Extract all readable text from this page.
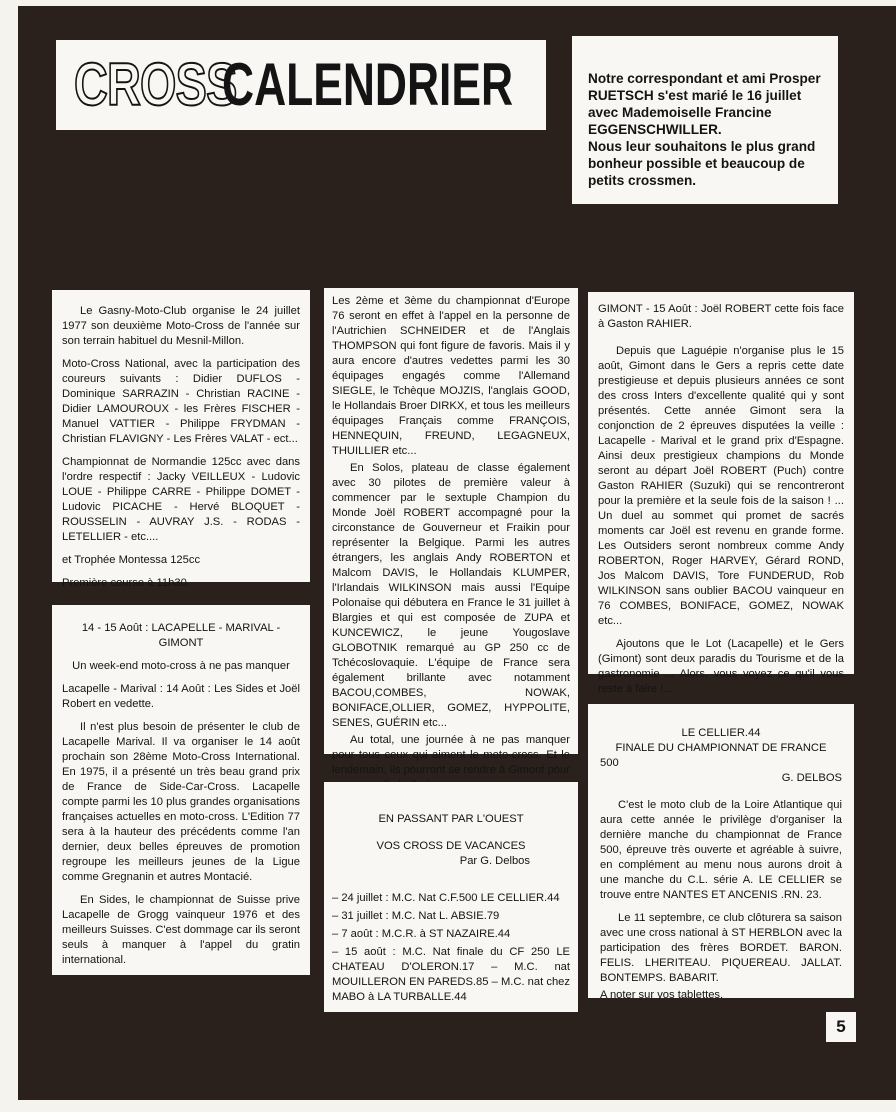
CROSS
CALENDRIER	Notre correspondant et ami Prosper RUETSCH s'est marié le 16 juillet avec Mademoiselle Francine EGGENSCHWILLER.

Nous leur souhaitons le plus grand bonheur possible et beaucoup de petits crossmen.

Le Gasny-Moto-Club organise le 24 juillet 1977 son deuxième Moto-Cross de l'année sur son terrain habituel du Mesnil-Millon.

Moto-Cross National, avec la participation des coureurs suivants : Didier DUFLOS - Dominique SARRAZIN - Christian RACINE - Didier LAMOUROUX - les Frères FISCHER - Manuel VATTIER - Philippe FRYDMAN - Christian FLAVIGNY - Les Frères VALAT - ect...

Championnat de Normandie 125cc avec dans l'ordre respectif : Jacky VEILLEUX - Ludovic LOUE - Philippe CARRE - Philippe DOMET - Ludovic PICACHE - Hervé BLOQUET - ROUSSELIN - AUVRAY J.S. - RODAS - LETELLIER - etc....

et Trophée Montessa 125cc

Première course à 11h30.

14 - 15 Août : LACAPELLE - MARIVAL - GIMONT

Un week-end moto-cross à ne pas manquer

Lacapelle - Marival : 14 Août : Les Sides et Joël Robert en vedette.

Il n'est plus besoin de présenter le club de Lacapelle Marival. Il va organiser le 14 août prochain son 28ème Moto-Cross International. En 1975, il a présenté un très beau grand prix de France de Side-Car-Cross. Lacapelle compte parmi les 10 plus grandes organisations françaises actuelles en moto-cross. L'Edition 77 sera à la hauteur des précédents comme l'an dernier, deux belles épreuves de promotion regroupe les meilleurs jeunes de la Ligue comme Gregnanin et autres Montacié.

En Sides, le championnat de Suisse prive Lacapelle de Grogg vainqueur 1976 et des meilleurs Suisses. C'est dommage car ils seront seuls à manquer à l'appel du gratin international.

Les 2ème et 3ème du championnat d'Europe 76 seront en effet à l'appel en la personne de l'Autrichien SCHNEIDER et de l'Anglais THOMPSON qui font figure de favoris. Mais il y aura encore d'autres vedettes parmi les 30 équipages engagés comme l'Allemand SIEGLE, le Tchèque MOJZIS, l'anglais GOOD, le Hollandais Broer DIRKX, et tous les meilleurs équipages Français comme FRANÇOIS, HENNEQUIN, FREUND, LEGAGNEUX, THUILLIER etc...

En Solos, plateau de classe également avec 30 pilotes de première valeur à commencer par le sextuple Champion du Monde Joël ROBERT accompagné pour la circonstance de Gouverneur et Fraikin pour représenter la Belgique. Parmi les autres étrangers, les anglais Andy ROBERTON et Malcom DAVIS, le Hollandais KLUMPER, l'Irlandais WILKINSON mais aussi l'Equipe Polonaise qui débutera en France le 31 juillet à Blargies et qui est composée de ZUPA et KUNCEWICZ, le jeune Yougoslave GLOBOTNIK remarqué au GP 250 cc de Tchécoslovaquie. L'équipe de France sera également brillante avec notamment BACOU,COMBES, NOWAK, BONIFACE,OLLIER, GOMEZ, HYPPOLITE, SENES, GUÉRIN etc...

Au total, une journée à ne pas manquer pour tous ceux qui aiment le moto-cross. Et le lendemain, ils pourront se rendre à Gimont pour

EN PASSANT PAR L'OUEST

VOS CROSS DE VACANCES

Par G. Delbos

– 24 juillet : M.C. Nat C.F.500 LE CELLIER.44

– 31 juillet : M.C. Nat L. ABSIE.79

– 7 août : M.C.R. à ST NAZAIRE.44

– 15 août : M.C. Nat finale du CF 250 LE CHATEAU D'OLERON.17 – M.C. nat MOUILLERON EN PAREDS.85 – M.C. nat chez MABO à LA TURBALLE.44

GIMONT - 15 Août : Joël ROBERT cette fois face à Gaston RAHIER.

Depuis que Laguépie n'organise plus le 15 août, Gimont dans le Gers a repris cette date prestigieuse et depuis plusieurs années ce sont des cross Inters d'excellente qualité qui y sont présentés. Cette année Gimont sera la conjonction de 2 épreuves disputées la veille : Lacapelle - Marival et le grand prix d'Espagne. Ainsi deux prestigieux champions du Monde seront au départ Joël ROBERT (Puch) contre Gaston RAHIER (Suzuki) qui se rencontreront pour la première et la seule fois de la saison ! ... Un duel au sommet qui promet de sacrés moments car Joël est revenu en grande forme. Les Outsiders seront nombreux comme Andy ROBERTON, Roger HARVEY, Gérard ROND, Jos Malcom DAVIS, Tore FUNDERUD, Rob WILKINSON sans oublier BACOU vainqueur en 76 COMBES, BONIFACE, GOMEZ, NOWAK etc...

Ajoutons que le Lot (Lacapelle) et le Gers (Gimont) sont deux paradis du Tourisme et de la gastronomie ... Alors, vous voyez ce qu'il vous reste à faire !...

LE CELLIER.44

FINALE DU CHAMPIONNAT DE FRANCE

500

G. DELBOS

C'est le moto club de la Loire Atlantique qui aura cette année le privilège d'organiser la dernière manche du championnat de France 500, épreuve très ouverte et agréable à suivre, en complément au menu nous aurons droit à une manche du C.L. série A. LE CELLIER se trouve entre NANTES ET ANCENIS .RN. 23.

Le 11 septembre, ce club clôturera sa saison avec une cross national à ST HERBLON avec la participation des frères BORDET. BARON. FELIS. LHERITEAU. PIQUEREAU. JALLAT. BONTEMPS. BABARIT.

A noter sur vos tablettes.

5
